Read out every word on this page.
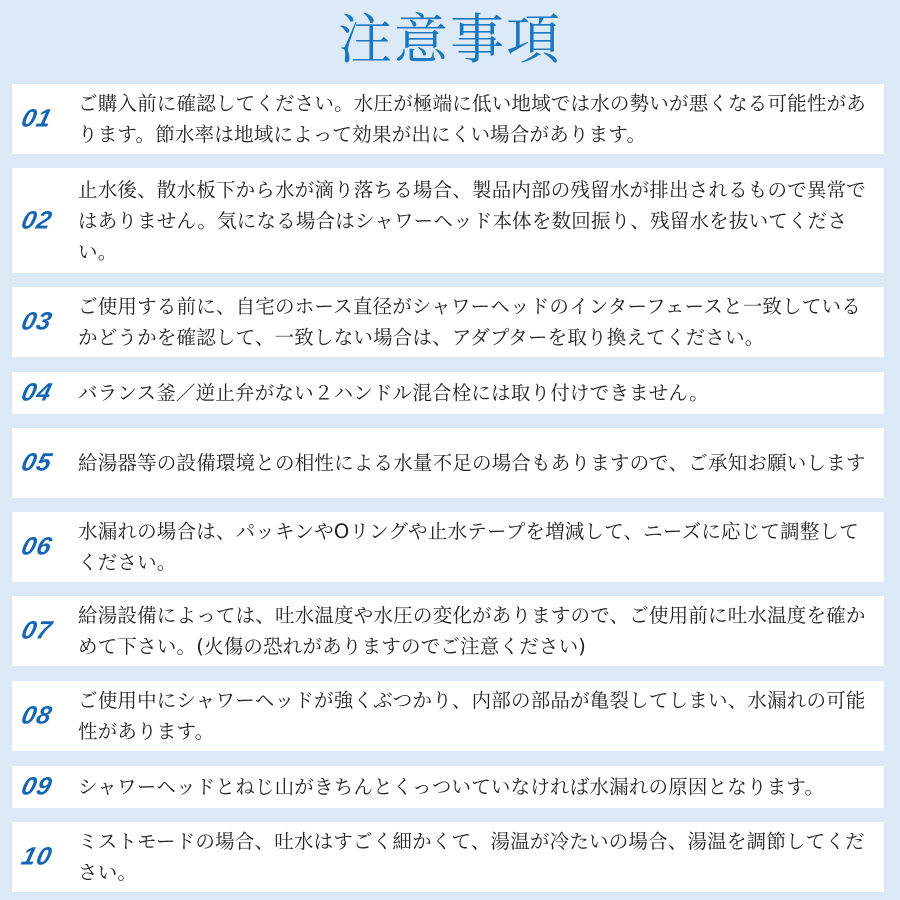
注意事項
01
ご購入前に確認してください。水圧が極端に低い地域では水の勢いが悪くなる可能性があります。節水率は地域によって効果が出にくい場合があります。
02
止水後、散水板下から水が滴り落ちる場合、製品内部の残留水が排出されるもので異常ではありません。気になる場合はシャワーヘッド本体を数回振り、残留水を抜いてください。
03
ご使用する前に、自宅のホース直径がシャワーヘッドのインターフェースと一致しているかどうかを確認して、一致しない場合は、アダプターを取り換えてください。
04	バランス釜／逆止弁がない２ハンドル混合栓には取り付けできません。
05	給湯器等の設備環境との相性による水量不足の場合もありますので、ご承知お願いします
06
水漏れの場合は、パッキンやOリングや止水テープを増減して、ニーズに応じて調整してください。
07
給湯設備によっては、吐水温度や水圧の変化がありますので、ご使用前に吐水温度を確かめて下さい。(火傷の恐れがありますのでご注意ください)
08
ご使用中にシャワーヘッドが強くぶつかり、内部の部品が亀裂してしまい、水漏れの可能性があります。
09	シャワーヘッドとねじ山がきちんとくっついていなければ水漏れの原因となります。
10
ミストモードの場合、吐水はすごく細かくて、湯温が冷たいの場合、湯温を調節してください。
